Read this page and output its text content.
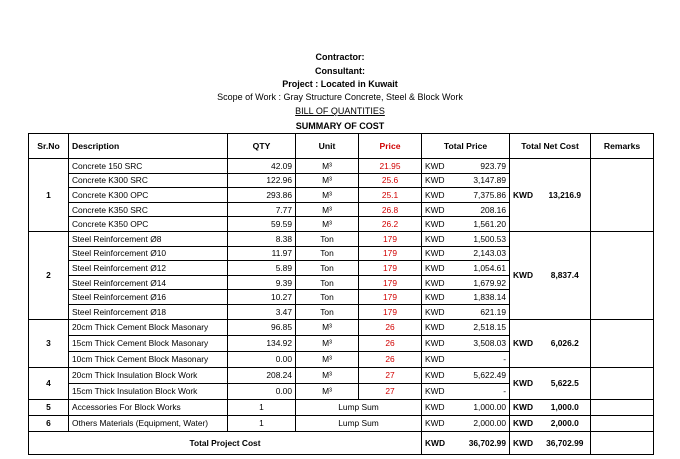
Contractor:
Consultant:
Project : Located in Kuwait
Scope of Work : Gray Structure Concrete, Steel & Block Work
BILL OF QUANTITIES
SUMMARY OF COST
Sr.No	Description	QTY	Unit	Price	Total Price		Total Net Cost		Remarks
1	Concrete 150 SRC	42.09	M³	21.95	KWD	923.79	KWD	13,216.9	
	Concrete K300 SRC	122.96	M³	25.6	KWD	3,147.89			
	Concrete K300 OPC	293.86	M³	25.1	KWD	7,375.86			
	Concrete K350 SRC	7.77	M³	26.8	KWD	208.16			
	Concrete K350 OPC	59.59	M³	26.2	KWD	1,561.20			
2	Steel Reinforcement Ø8	8.38	Ton	179	KWD	1,500.53	KWD	8,837.4	
	Steel Reinforcement Ø10	11.97	Ton	179	KWD	2,143.03			
	Steel Reinforcement Ø12	5.89	Ton	179	KWD	1,054.61			
	Steel Reinforcement Ø14	9.39	Ton	179	KWD	1,679.92			
	Steel Reinforcement Ø16	10.27	Ton	179	KWD	1,838.14			
	Steel Reinforcement Ø18	3.47	Ton	179	KWD	621.19			
3	20cm Thick Cement Block Masonary	96.85	M³	26	KWD	2,518.15	KWD	6,026.2	
	15cm Thick Cement Block Masonary	134.92	M³	26	KWD	3,508.03			
	10cm Thick Cement Block Masonary	0.00	M³	26	KWD	-			
4	20cm Thick Insulation Block Work	208.24	M³	27	KWD	5,622.49	KWD	5,622.5	
	15cm Thick Insulation Block Work	0.00	M³	27	KWD	-			
5	Accessories For Block Works	1	Lump Sum		KWD	1,000.00	KWD	1,000.0	
6	Others Materials (Equipment, Water)	1	Lump Sum		KWD	2,000.00	KWD	2,000.0	
Total Project Cost					KWD	36,702.99	KWD	36,702.99	
